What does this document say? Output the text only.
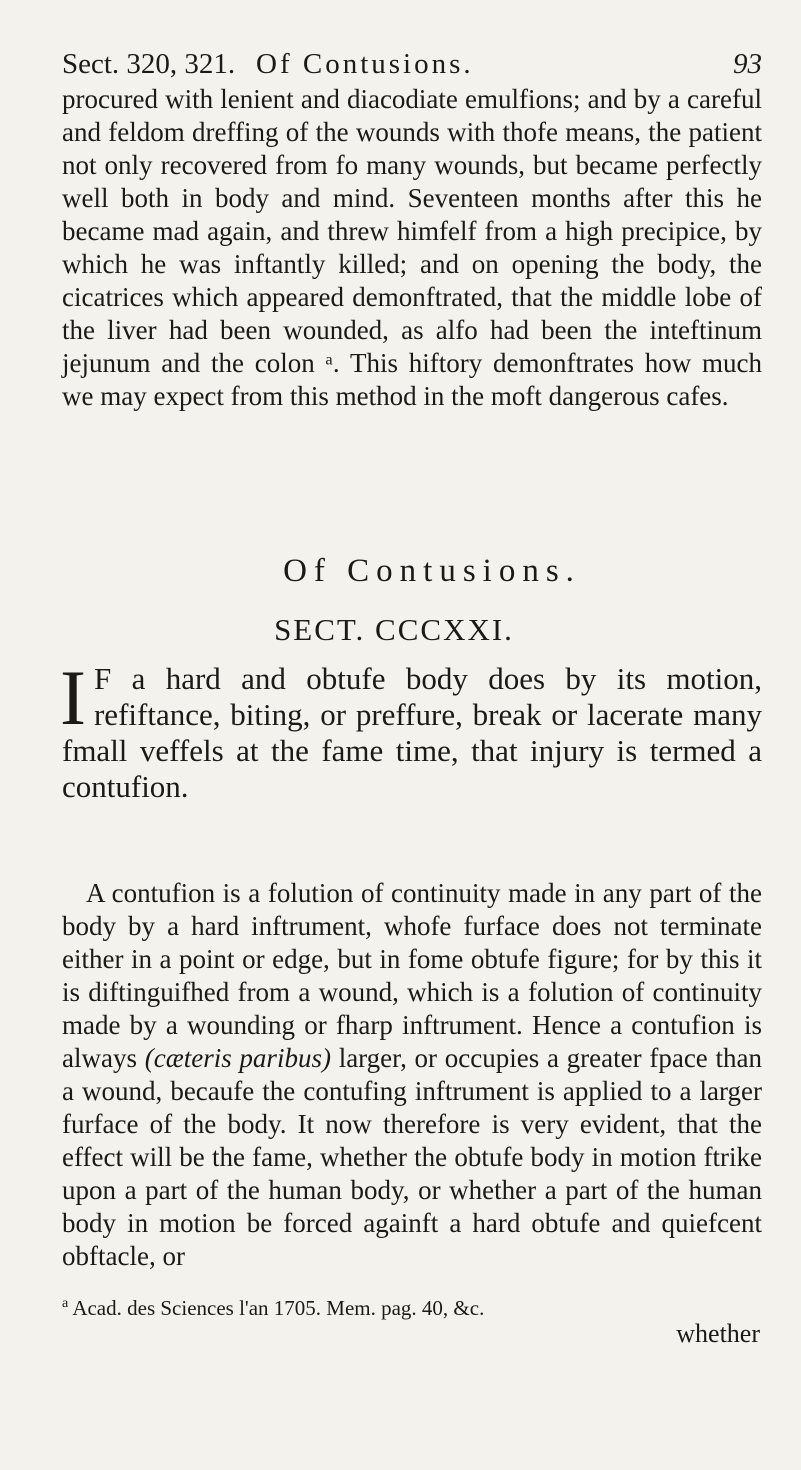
Sect. 320, 321. Of Contusions.	93

procured with lenient and diacodiate emulfions; and by a careful and feldom dreffing of the wounds with thofe means, the patient not only recovered from fo many wounds, but became perfectly well both in body and mind. Seventeen months after this he became mad again, and threw himfelf from a high precipice, by which he was inftantly killed; and on opening the body, the cicatrices which appeared demonftrated, that the middle lobe of the liver had been wounded, as alfo had been the inteftinum jejunum and the colon ᵃ. This hiftory demonftrates how much we may expect from this method in the moft dangerous cafes.

Of Contusions.
SECT. CCCXXI.
I F a hard and obtufe body does by its motion, refiftance, biting, or preffure, break or lacerate many fmall veffels at the fame time, that injury is termed a contufion.

A contufion is a folution of continuity made in any part of the body by a hard inftrument, whofe furface does not terminate either in a point or edge, but in fome obtufe figure; for by this it is diftinguifhed from a wound, which is a folution of continuity made by a wounding or fharp inftrument. Hence a contufion is always (cæteris paribus) larger, or occupies a greater fpace than a wound, becaufe the contufing inftrument is applied to a larger furface of the body. It now therefore is very evident, that the effect will be the fame, whether the obtufe body in motion ftrike upon a part of the human body, or whether a part of the human body in motion be forced againft a hard obtufe and quiefcent obftacle, or

$^a$ Acad. des Sciences l'an 1705. Mem. pag. 40, &c.
whether
